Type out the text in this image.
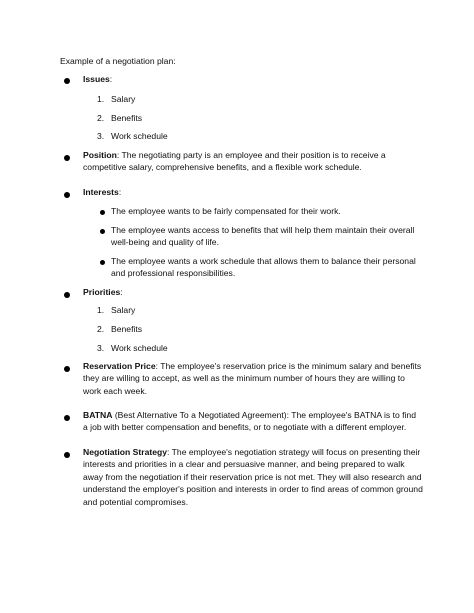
Example of a negotiation plan:
Issues:
1. Salary
2. Benefits
3. Work schedule
Position: The negotiating party is an employee and their position is to receive a competitive salary, comprehensive benefits, and a flexible work schedule.
Interests:
The employee wants to be fairly compensated for their work.
The employee wants access to benefits that will help them maintain their overall well-being and quality of life.
The employee wants a work schedule that allows them to balance their personal and professional responsibilities.
Priorities:
1. Salary
2. Benefits
3. Work schedule
Reservation Price: The employee's reservation price is the minimum salary and benefits they are willing to accept, as well as the minimum number of hours they are willing to work each week.
BATNA (Best Alternative To a Negotiated Agreement): The employee's BATNA is to find a job with better compensation and benefits, or to negotiate with a different employer.
Negotiation Strategy: The employee's negotiation strategy will focus on presenting their interests and priorities in a clear and persuasive manner, and being prepared to walk away from the negotiation if their reservation price is not met. They will also research and understand the employer's position and interests in order to find areas of common ground and potential compromises.
